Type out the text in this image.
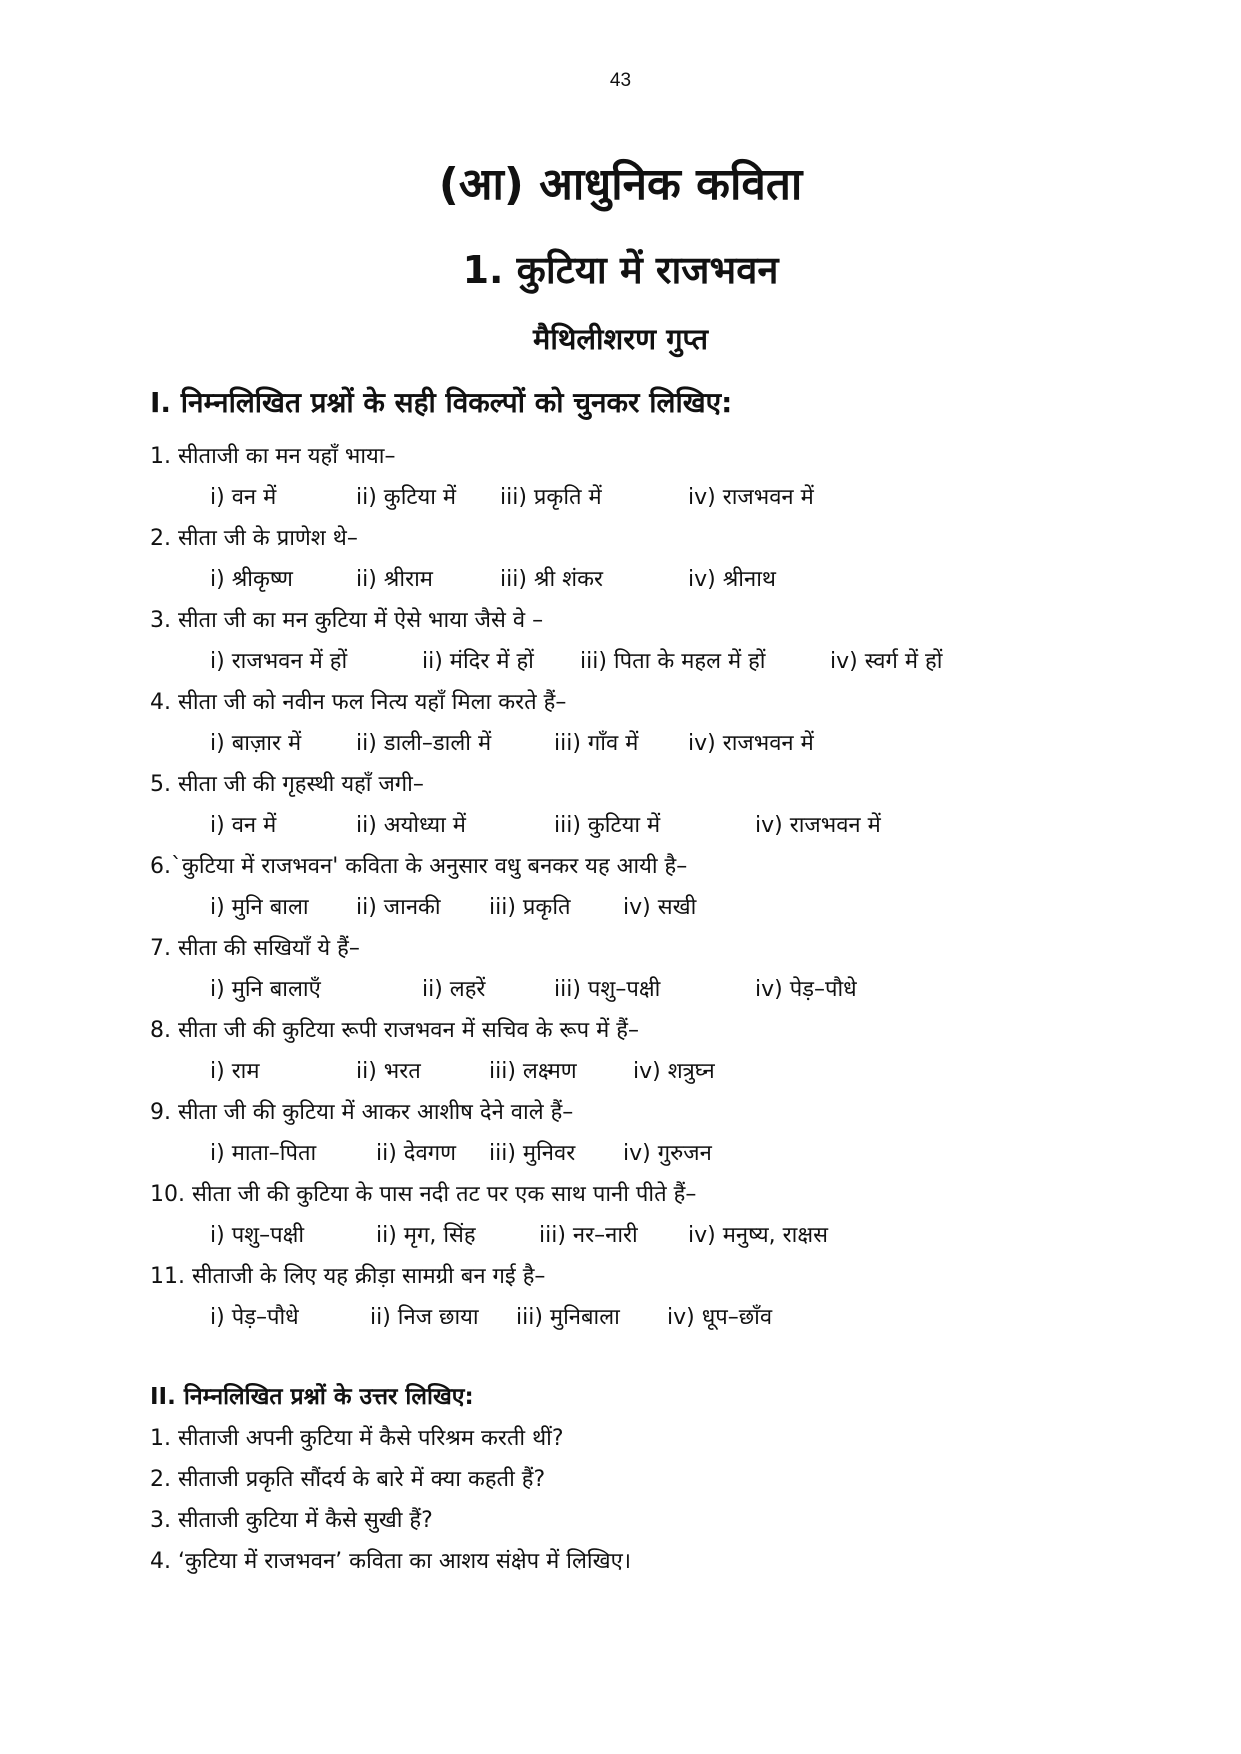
43
(आ) आधुनिक कविता
1. कुटिया में राजभवन
मैथिलीशरण गुप्त
I. निम्नलिखित प्रश्नों के सही विकल्पों को चुनकर लिखिए:
1. सीताजी का मन यहाँ भाया–
i) वन में	ii) कुटिया में iii) प्रकृति में	iv) राजभवन में
2. सीता जी के प्राणेश थे–
i) श्रीकृष्ण	ii) श्रीराम	iii) श्री शंकर	iv) श्रीनाथ
3. सीता जी का मन कुटिया में ऐसे भाया जैसे वे –
i) राजभवन में हों	ii) मंदिर में हों iii) पिता के महल में हों	iv) स्वर्ग में हों
4. सीता जी को नवीन फल नित्य यहाँ मिला करते हैं–
i) बाज़ार में ii) डाली–डाली में	iii) गाँव में iv) राजभवन में
5. सीता जी की गृहस्थी यहाँ जगी–
i) वन में	ii) अयोध्या में	iii) कुटिया में	iv) राजभवन में
6.`कुटिया में राजभवन' कविता के अनुसार वधु बनकर यह आयी है–
i) मुनि बाला ii) जानकी iii) प्रकृति iv) सखी
7. सीता की सखियाँ ये हैं–
i) मुनि बालाएँ	ii) लहरें	iii) पशु–पक्षी	iv) पेड़–पौधे
8. सीता जी की कुटिया रूपी राजभवन में सचिव के रूप में हैं–
i) राम	ii) भरत	iii) लक्ष्मण	iv) शत्रुघ्न
9. सीता जी की कुटिया में आकर आशीष देने वाले हैं–
i) माता–पिता	ii) देवगण iii) मुनिवर iv) गुरुजन
10. सीता जी की कुटिया के पास नदी तट पर एक साथ पानी पीते हैं–
i) पशु–पक्षी	ii) मृग, सिंह	iii) नर–नारी iv) मनुष्य, राक्षस
11. सीताजी के लिए यह क्रीड़ा सामग्री बन गई है–
i) पेड़–पौधे	ii) निज छाया iii) मुनिबाला iv) धूप–छाँव
II. निम्नलिखित प्रश्नों के उत्तर लिखिए:
1. सीताजी अपनी कुटिया में कैसे परिश्रम करती थीं?
2. सीताजी प्रकृति सौंदर्य के बारे में क्या कहती हैं?
3. सीताजी कुटिया में कैसे सुखी हैं?
4. ‘कुटिया में राजभवन’ कविता का आशय संक्षेप में लिखिए।
